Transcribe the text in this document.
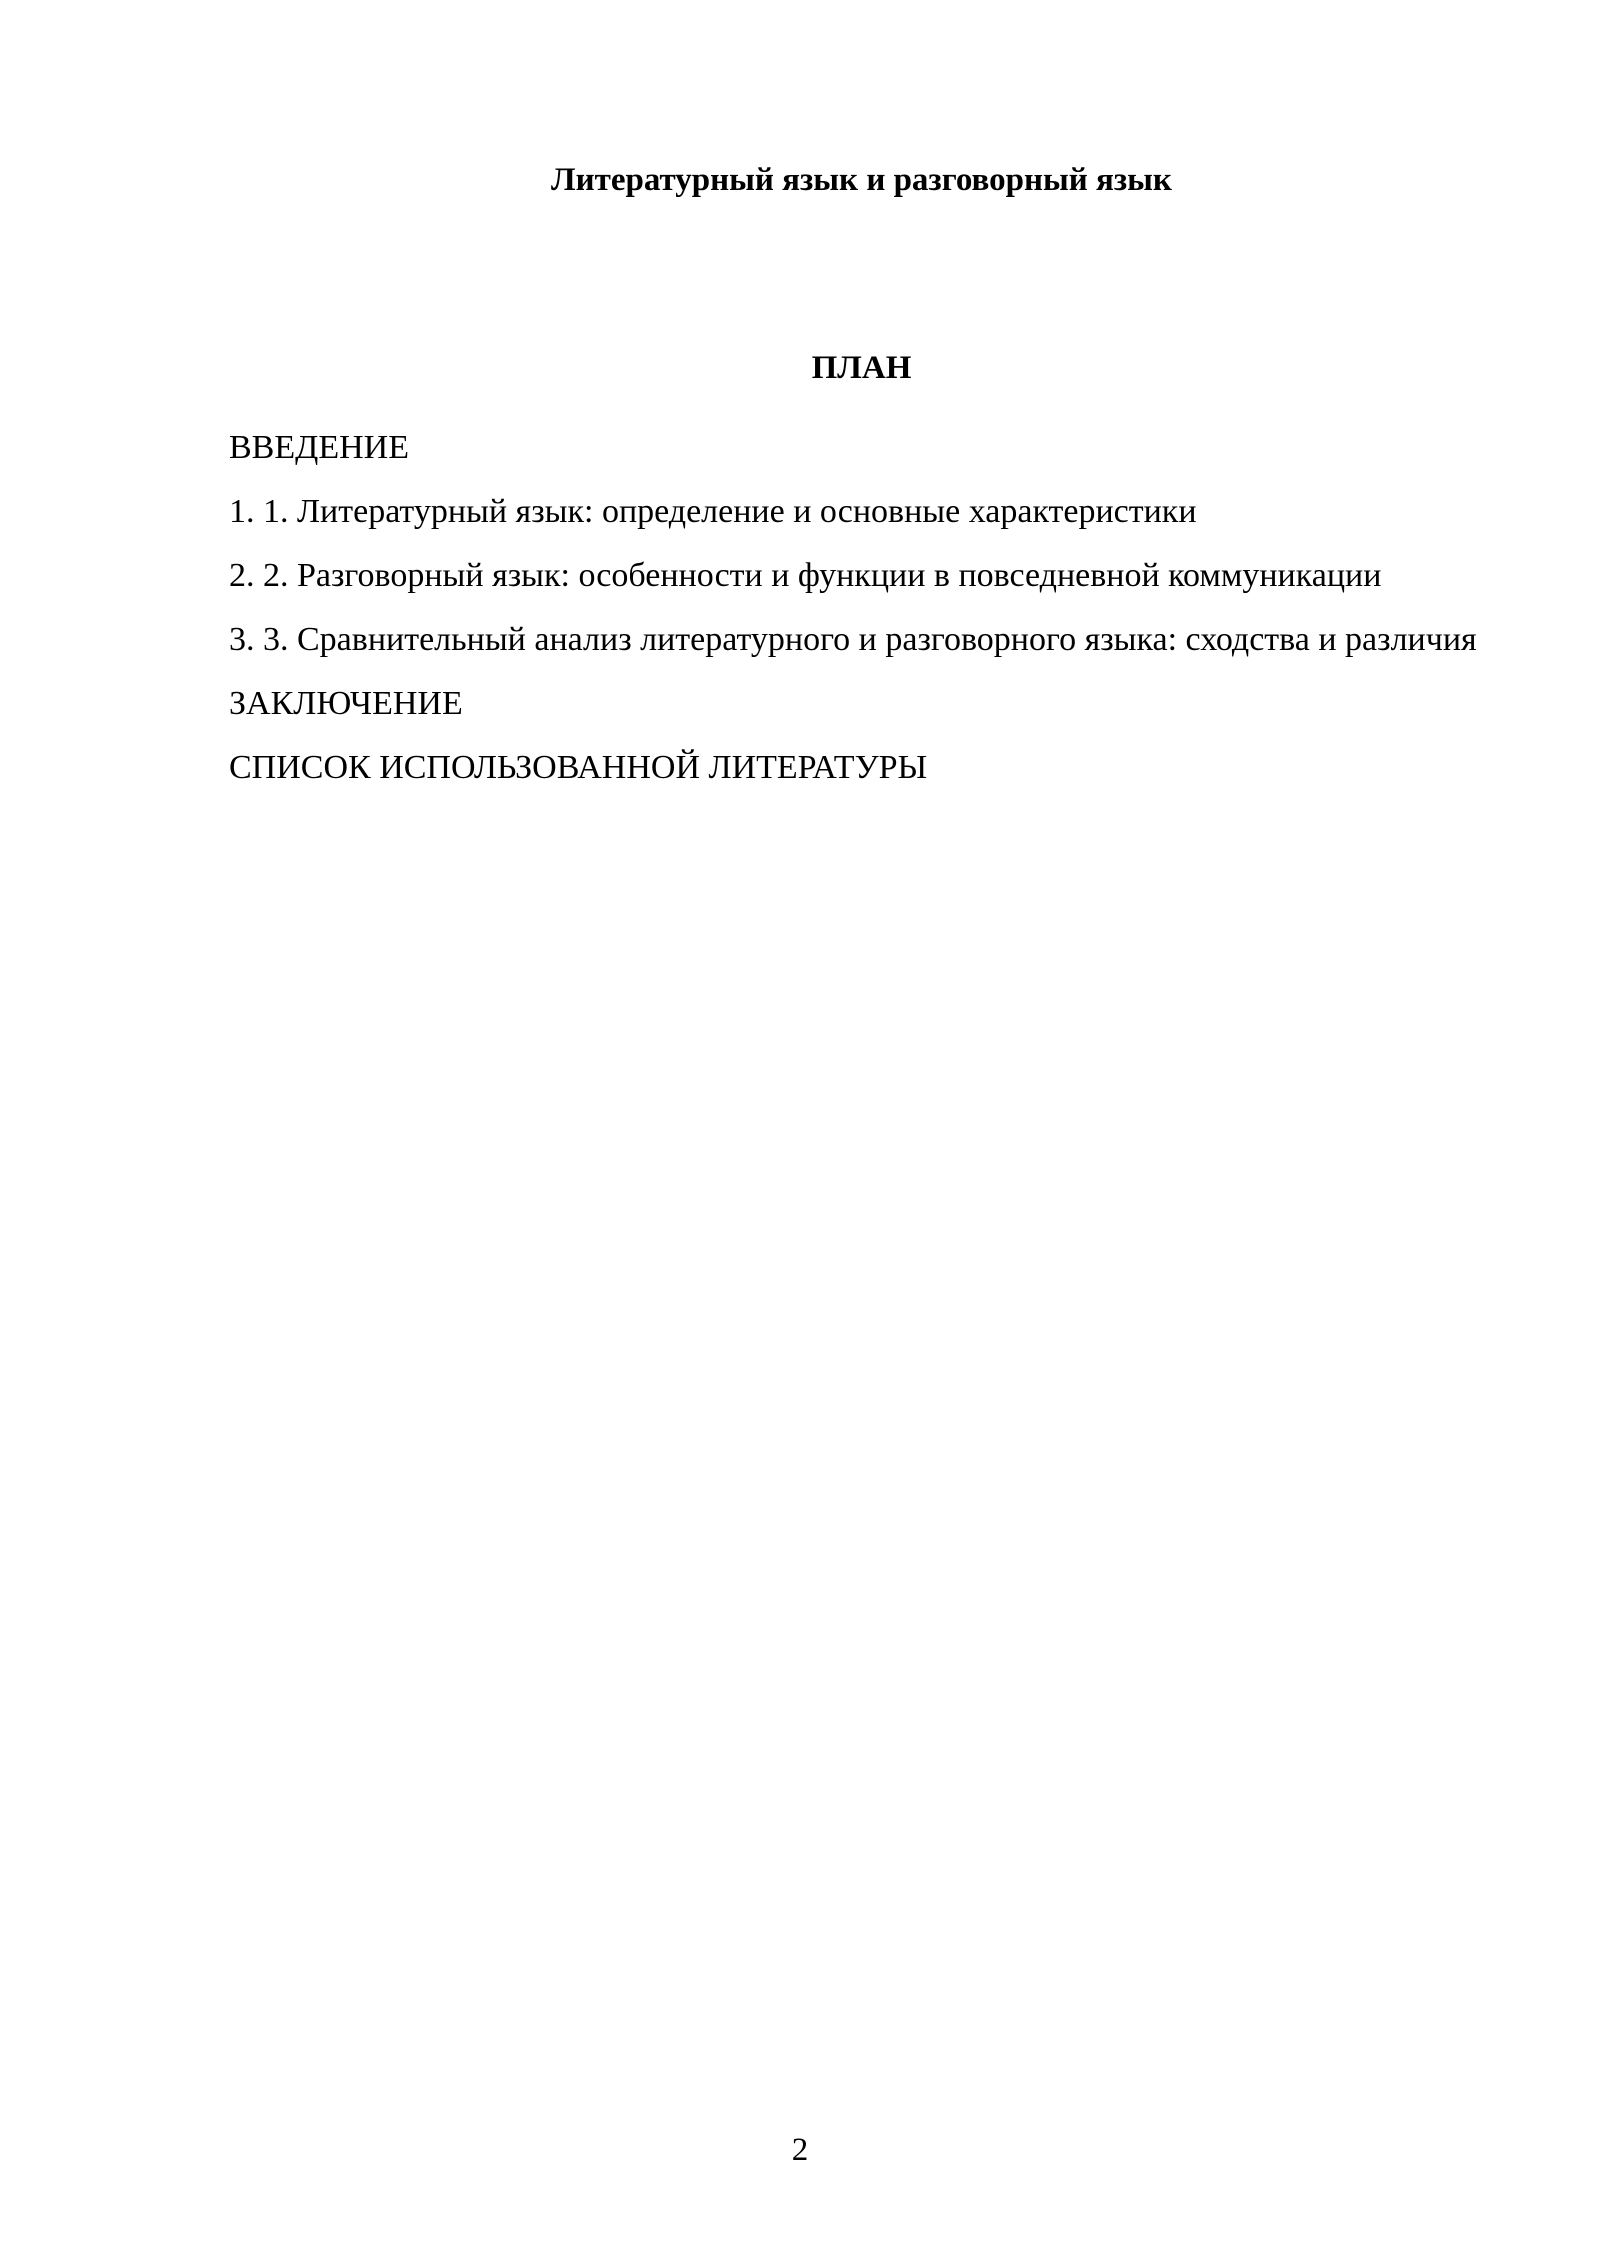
Литературный язык и разговорный язык
ПЛАН
ВВЕДЕНИЕ
1. 1. Литературный язык: определение и основные характеристики
2. 2. Разговорный язык: особенности и функции в повседневной коммуникации
3. 3. Сравнительный анализ литературного и разговорного языка: сходства и различия
ЗАКЛЮЧЕНИЕ
СПИСОК ИСПОЛЬЗОВАННОЙ ЛИТЕРАТУРЫ
2
